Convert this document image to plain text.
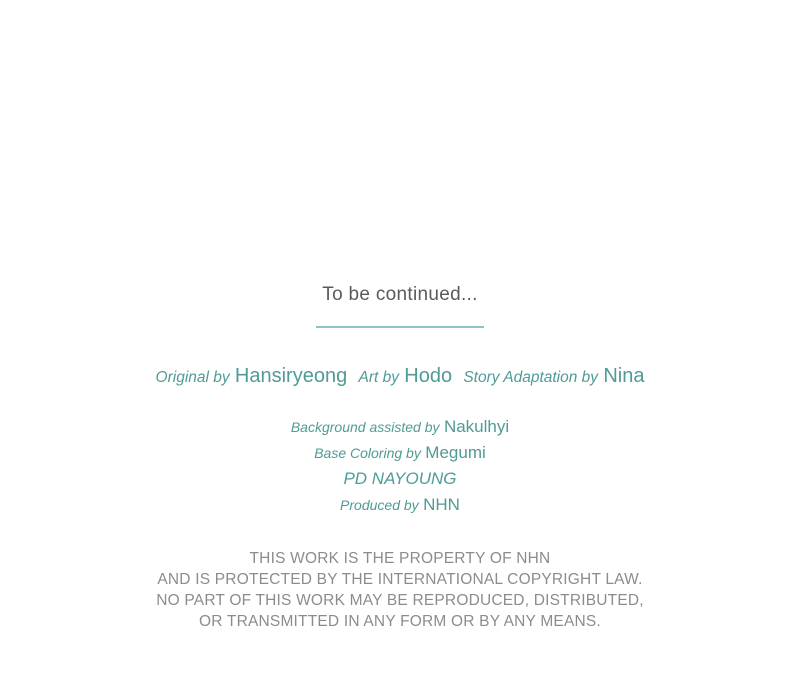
To be continued...
Original by Hansiryeong Art by Hodo Story Adaptation by Nina
Background assisted by Nakulhyi
Base Coloring by Megumi
PD NAYOUNG
Produced by NHN
THIS WORK IS THE PROPERTY OF NHN
AND IS PROTECTED BY THE INTERNATIONAL COPYRIGHT LAW.
NO PART OF THIS WORK MAY BE REPRODUCED, DISTRIBUTED,
OR TRANSMITTED IN ANY FORM OR BY ANY MEANS.
